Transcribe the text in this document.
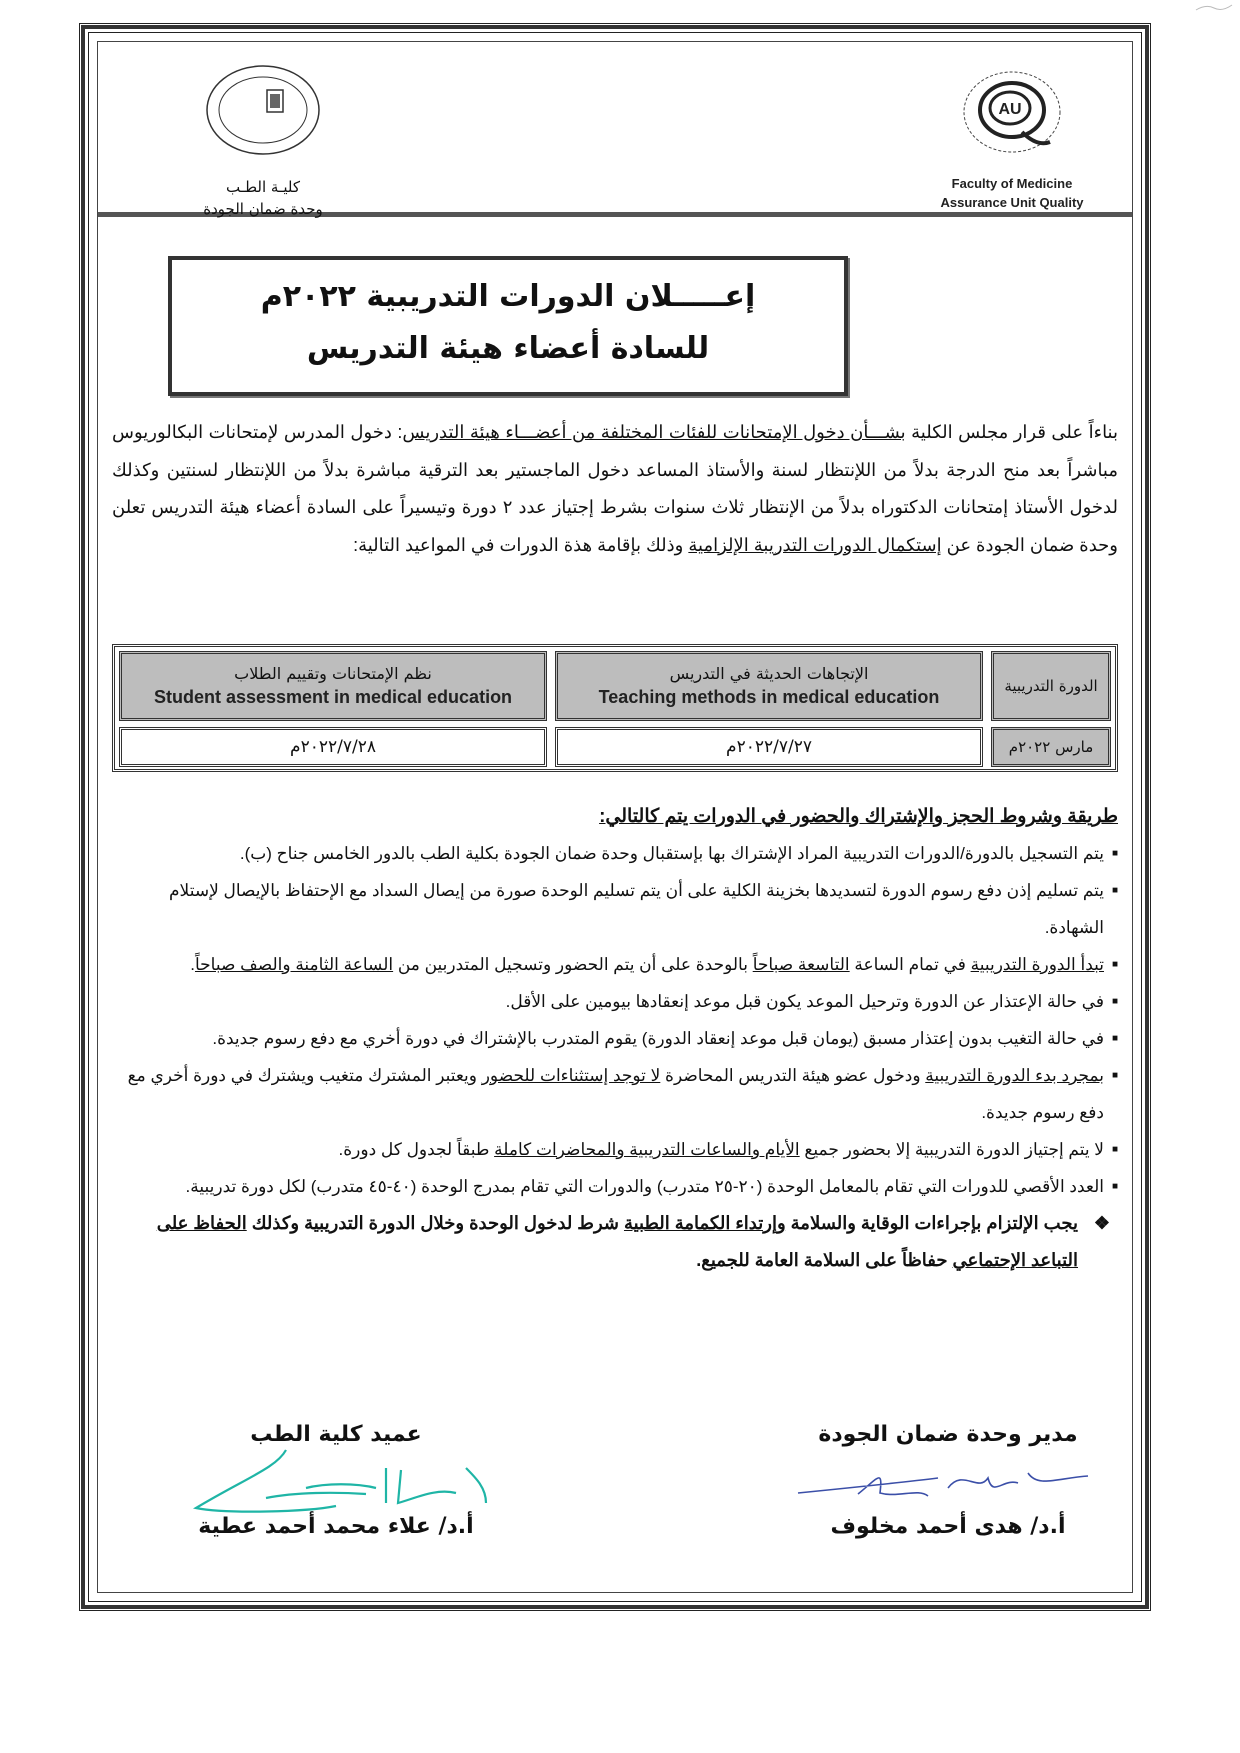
كليـة الطـب
وحدة ضمان الجودة
AU
Faculty of Medicine
Assurance Unit Quality
إعـــــلان الدورات التدريبية ٢٠٢٢م
للسادة أعضاء هيئة التدريس
بناءاً على قرار مجلس الكلية بشـــأن دخول الإمتحانات للفئات المختلفة من أعضـــاء هيئة التدريس: دخول المدرس لإمتحانات البكالوريوس مباشراً بعد منح الدرجة بدلاً من اللإنتظار لسنة والأستاذ المساعد دخول الماجستير بعد الترقية مباشرة بدلاً من اللإنتظار لسنتين وكذلك لدخول الأستاذ إمتحانات الدكتوراه بدلاً من الإنتظار ثلاث سنوات بشرط إجتياز عدد ٢ دورة وتيسيراً على السادة أعضاء هيئة التدريس تعلن وحدة ضمان الجودة عن إستكمال الدورات التدريبة الإلزامية وذلك بإقامة هذة الدورات في المواعيد التالية:
الدورة التدريبية
الإتجاهات الحديثة في التدريس
Teaching methods in medical education
نظم الإمتحانات وتقييم الطلاب
Student assessment in medical education
مارس ٢٠٢٢م
٢٠٢٢/٧/٢٧م
٢٠٢٢/٧/٢٨م
طريقة وشروط الحجز والإشتراك والحضور في الدورات يتم كالتالي:
■
يتم التسجيل بالدورة/الدورات التدريبية المراد الإشتراك بها بإستقبال وحدة ضمان الجودة بكلية الطب بالدور الخامس جناح (ب).
■
يتم تسليم إذن دفع رسوم الدورة لتسديدها بخزينة الكلية على أن يتم تسليم الوحدة صورة من إيصال السداد مع الإحتفاظ بالإيصال لإستلام الشهادة.
■
تبدأ الدورة التدريبية في تمام الساعة التاسعة صباحاً بالوحدة على أن يتم الحضور وتسجيل المتدربين من الساعة الثامنة والصف صباحاً.
■
في حالة الإعتذار عن الدورة وترحيل الموعد يكون قبل موعد إنعقادها بيومين على الأقل.
■
في حالة التغيب بدون إعتذار مسبق (يومان قبل موعد إنعقاد الدورة) يقوم المتدرب بالإشتراك في دورة أخري مع دفع رسوم جديدة.
■
بمجرد بدء الدورة التدريبية ودخول عضو هيئة التدريس المحاضرة لا توجد إستثناءات للحضور ويعتبر المشترك متغيب ويشترك في دورة أخري مع دفع رسوم جديدة.
■
لا يتم إجتياز الدورة التدريبية إلا بحضور جميع الأيام والساعات التدريبية والمحاضرات كاملة طبقاً لجدول كل دورة.
■
العدد الأقصي للدورات التي تقام بالمعامل الوحدة (٢٠-٢٥ متدرب) والدورات التي تقام بمدرج الوحدة (٤٠-٤٥ متدرب) لكل دورة تدريبية.
❖
يجب الإلتزام بإجراءات الوقاية والسلامة وإرتداء الكمامة الطبية شرط لدخول الوحدة وخلال الدورة التدريبية وكذلك الحفاظ على التباعد الإحتماعي حفاظاً على السلامة العامة للجميع.
مدير وحدة ضمان الجودة
أ.د/ هدى أحمد مخلوف
عميد كلية الطب
أ.د/ علاء محمد أحمد عطية
